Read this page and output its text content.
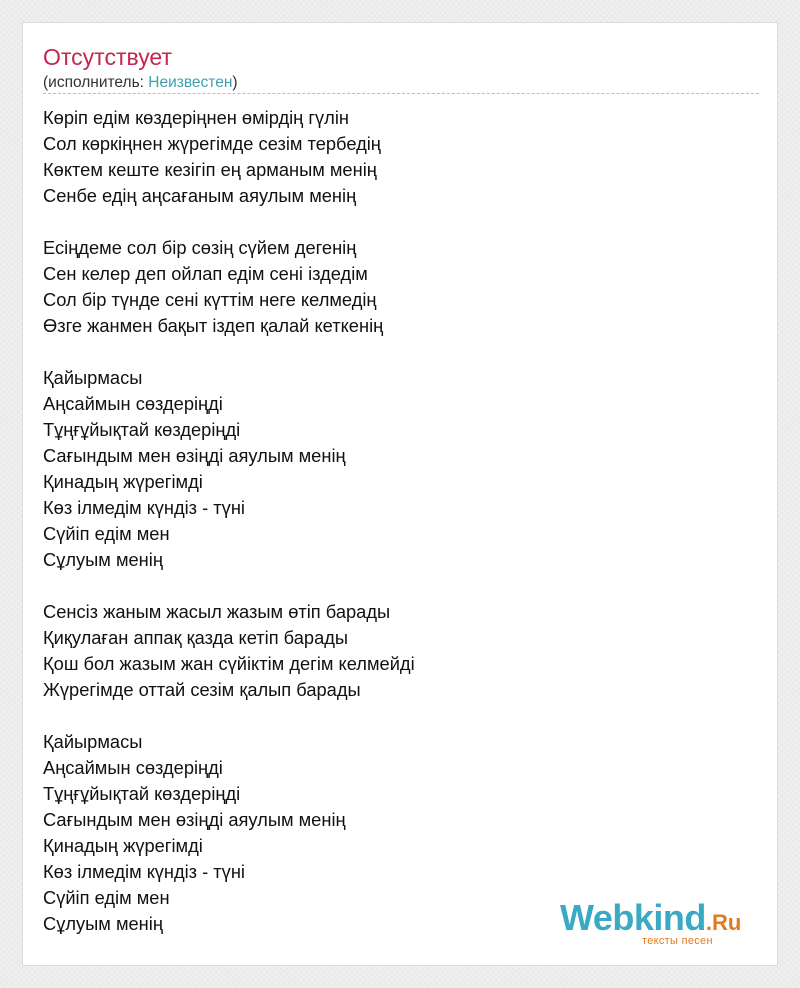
Отсутствует
(исполнитель: Неизвестен)
Көріп едім көздеріңнен өмірдің гүлін
Сол көркіңнен жүрегімде сезім тербедің
Көктем кеште кезігіп ең арманым менің
Сенбе едің аңсағаным аяулым менің
Есіңдеме сол бір сөзің сүйем дегенің
Сен келер деп ойлап едім сені іздедім
Сол бір түнде сені күттім неге келмедің
Өзге жанмен бақыт іздеп қалай кеткенің
Қайырмасы
Аңсаймын сөздеріңді
Тұңғұйықтай көздеріңді
Сағындым мен өзіңді аяулым менің
Қинадың жүрегімді
Көз ілмедім күндіз - түні
Сүйіп едім мен
Сұлуым менің
Сенсіз жаным жасыл жазым өтіп барады
Қиқулаған аппақ қазда кетіп барады
Қош бол жазым жан сүйіктім дегім келмейді
Жүрегімде оттай сезім қалып барады
Қайырмасы
Аңсаймын сөздеріңді
Тұңғұйықтай көздеріңді
Сағындым мен өзіңді аяулым менің
Қинадың жүрегімді
Көз ілмедім күндіз - түні
Сүйіп едім мен
Сұлуым менің	Webkind.Ru
тексты песен
